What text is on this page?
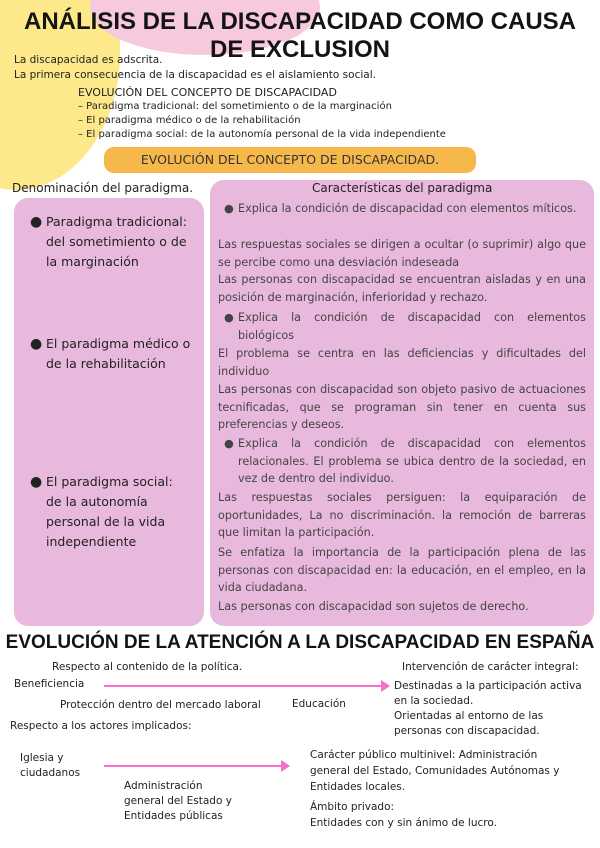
ANÁLISIS DE LA DISCAPACIDAD COMO CAUSA
DE EXCLUSION
La discapacidad es adscrita.
La primera consecuencia de la discapacidad es el aislamiento social.
EVOLUCIÓN DEL CONCEPTO DE DISCAPACIDAD
– Paradigma tradicional: del sometimiento o de la marginación
– El paradigma médico o de la rehabilitación
– El paradigma social: de la autonomía personal de la vida independiente
EVOLUCIÓN DEL CONCEPTO DE DISCAPACIDAD.
Denominación del paradigma.	Características del paradigma
● Paradigma tradicional: del sometimiento o de la marginación
● El paradigma médico o de la rehabilitación
● El paradigma social: de la autonomía personal de la vida independiente
● Explica la condición de discapacidad con elementos míticos.
Las respuestas sociales se dirigen a ocultar (o suprimir) algo que se percibe como una desviación indeseada
Las personas con discapacidad se encuentran aisladas y en una posición de marginación, inferioridad y rechazo.
● Explica la condición de discapacidad con elementos biológicos
El problema se centra en las deficiencias y dificultades del individuo
Las personas con discapacidad son objeto pasivo de actuaciones tecnificadas, que se programan sin tener en cuenta sus preferencias y deseos.
● Explica la condición de discapacidad con elementos relacionales. El problema se ubica dentro de la sociedad, en vez de dentro del individuo.
Las respuestas sociales persiguen: la equiparación de oportunidades, La no discriminación. la remoción de barreras que limitan la participación.
Se enfatiza la importancia de la participación plena de las personas con discapacidad en: la educación, en el empleo, en la vida ciudadana.
Las personas con discapacidad son sujetos de derecho.
EVOLUCIÓN DE LA ATENCIÓN A LA DISCAPACIDAD EN ESPAÑA
Respecto al contenido de la política.
Beneficiencia
Protección dentro del mercado laboral	Educación
Intervención de carácter integral:
Destinadas a la participación activa
en la sociedad.
Orientadas al entorno de las
personas con discapacidad.
Respecto a los actores implicados:
Iglesia y
ciudadanos
Administración
general del Estado y
Entidades públicas
Carácter público multinivel: Administración
general del Estado, Comunidades Autónomas y
Entidades locales.
Ámbito privado:
Entidades con y sin ánimo de lucro.
